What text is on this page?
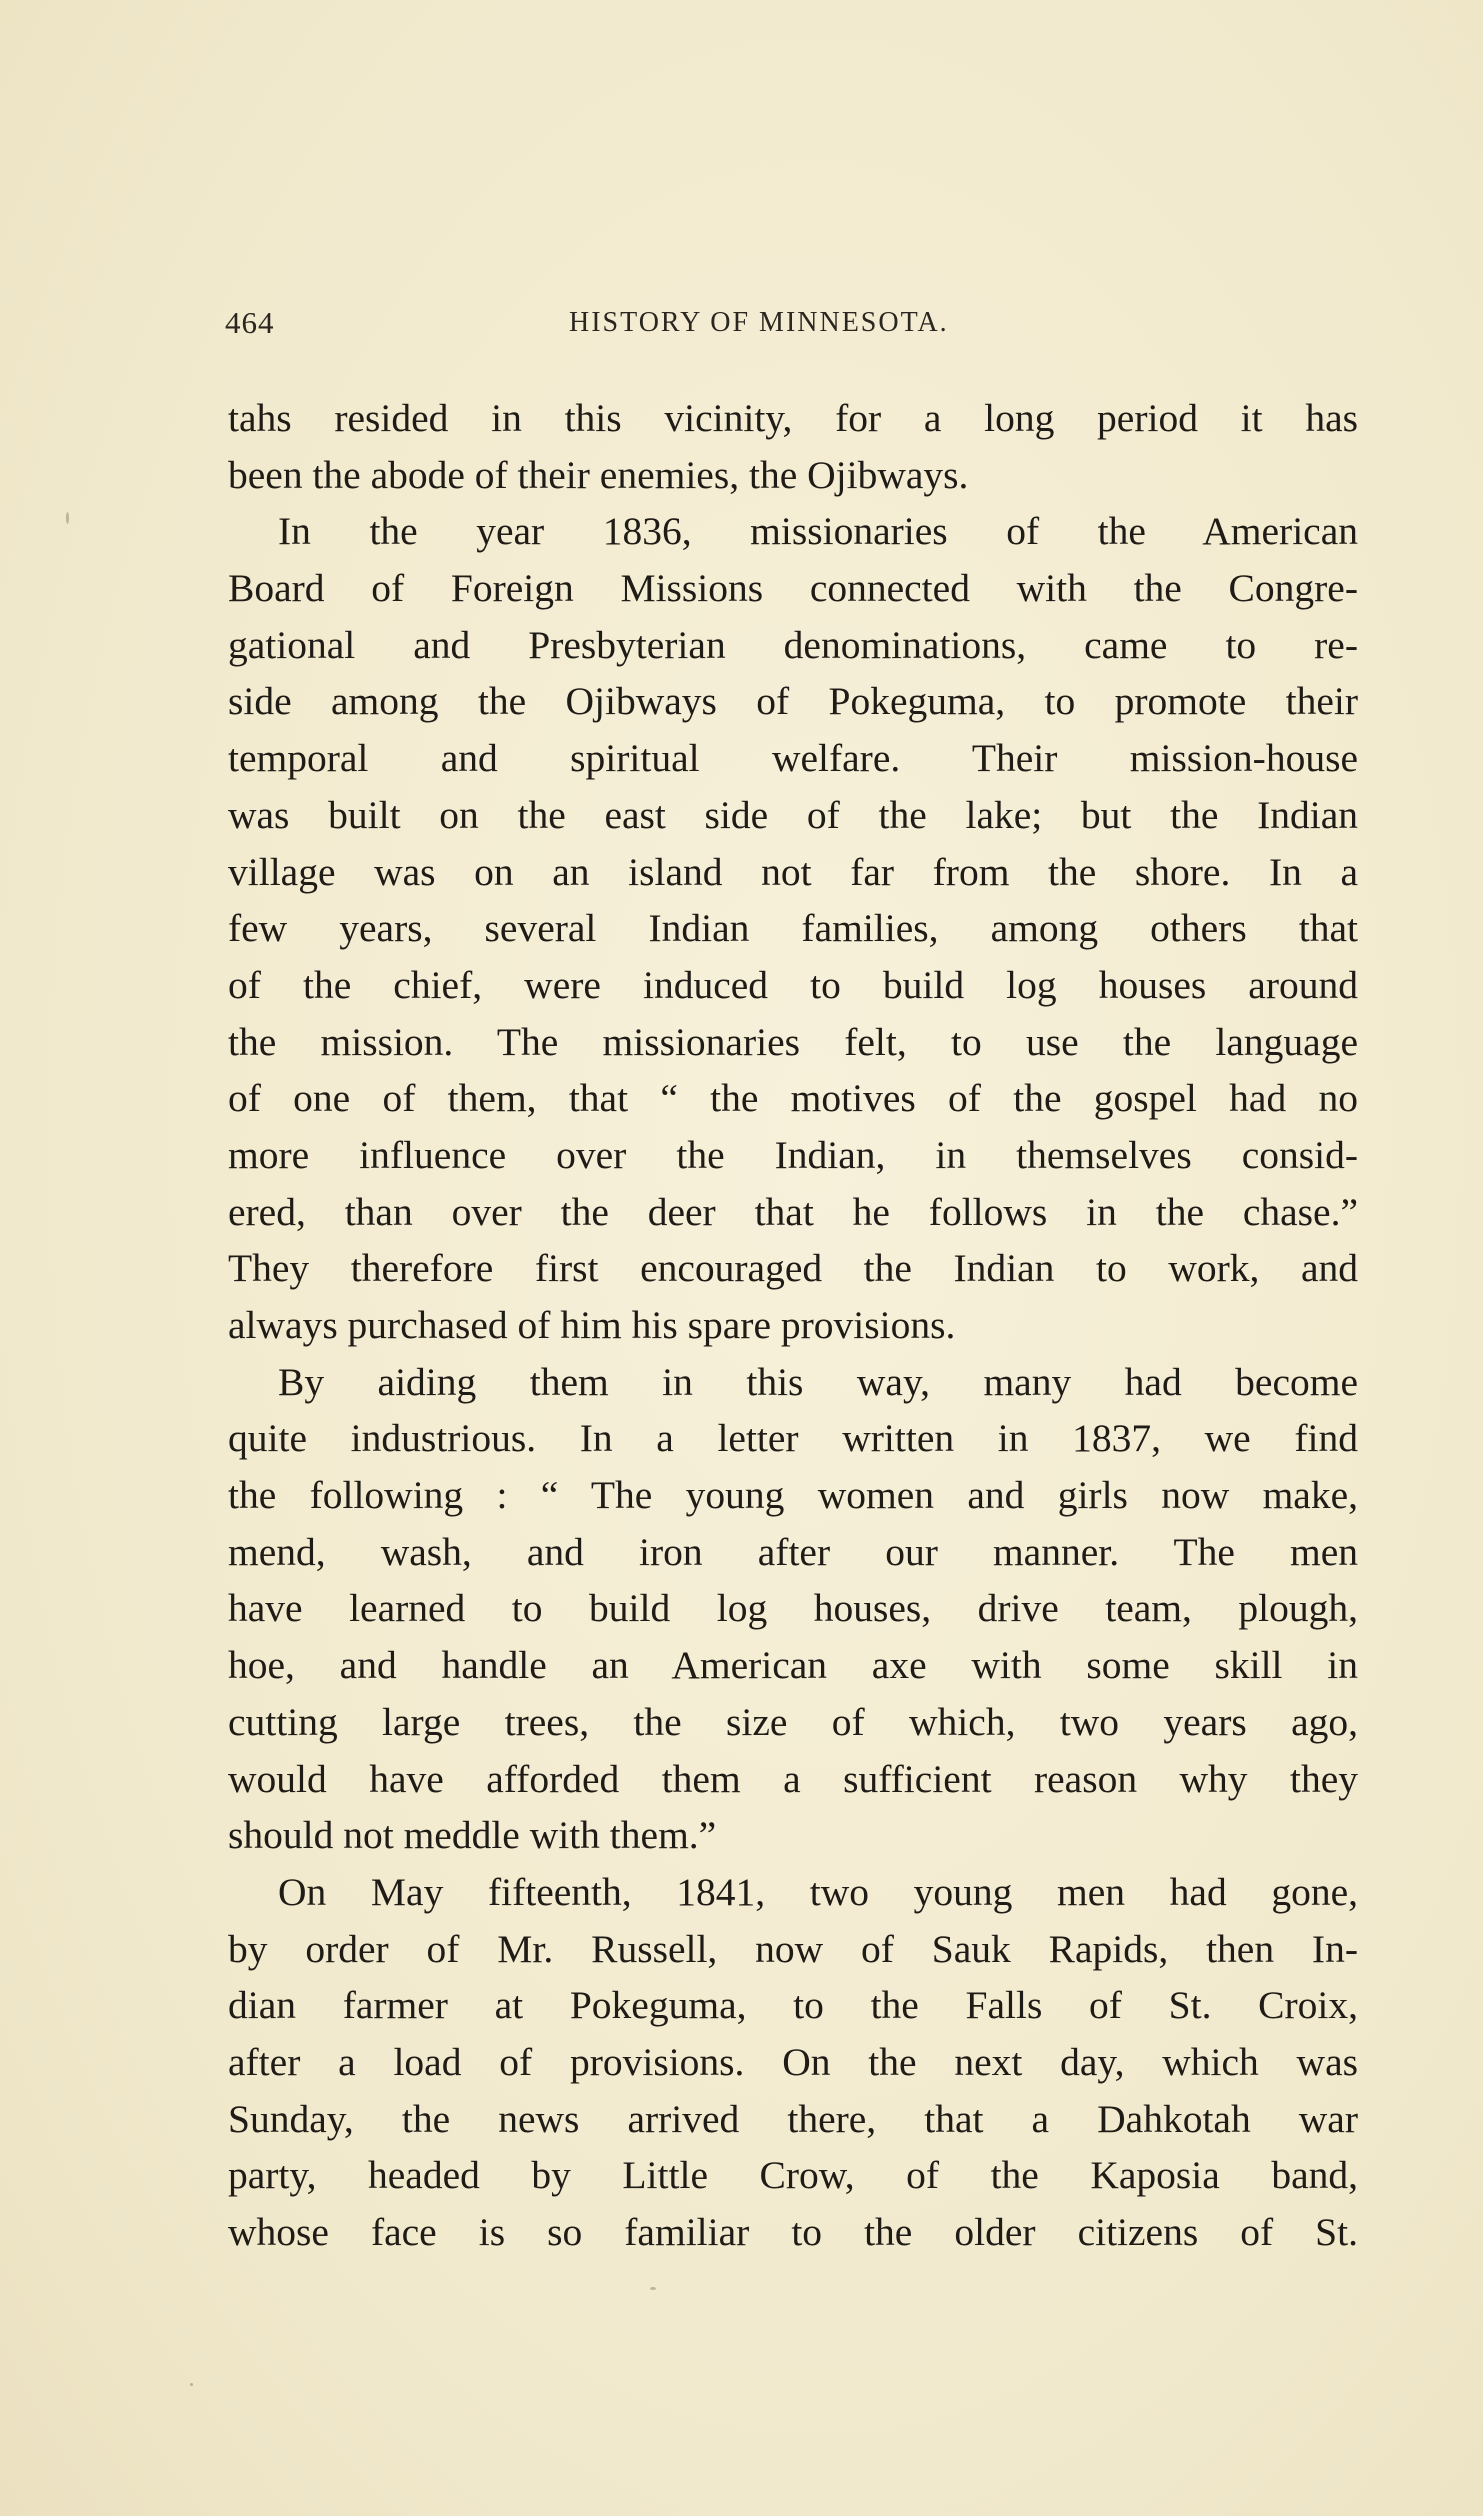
464	HISTORY OF MINNESOTA.
tahs resided in this vicinity, for a long period it has
been the abode of their enemies, the Ojibways.
In the year 1836, missionaries of the American
Board of Foreign Missions connected with the Congre-
gational and Presbyterian denominations, came to re-
side among the Ojibways of Pokeguma, to promote their
temporal and spiritual welfare. Their mission-house
was built on the east side of the lake; but the Indian
village was on an island not far from the shore. In a
few years, several Indian families, among others that
of the chief, were induced to build log houses around
the mission. The missionaries felt, to use the language
of one of them, that “ the motives of the gospel had no
more influence over the Indian, in themselves consid-
ered, than over the deer that he follows in the chase.”
They therefore first encouraged the Indian to work, and
always purchased of him his spare provisions.
By aiding them in this way, many had become
quite industrious. In a letter written in 1837, we find
the following : “ The young women and girls now make,
mend, wash, and iron after our manner. The men
have learned to build log houses, drive team, plough,
hoe, and handle an American axe with some skill in
cutting large trees, the size of which, two years ago,
would have afforded them a sufficient reason why they
should not meddle with them.”
On May fifteenth, 1841, two young men had gone,
by order of Mr. Russell, now of Sauk Rapids, then In-
dian farmer at Pokeguma, to the Falls of St. Croix,
after a load of provisions. On the next day, which was
Sunday, the news arrived there, that a Dahkotah war
party, headed by Little Crow, of the Kaposia band,
whose face is so familiar to the older citizens of St.
